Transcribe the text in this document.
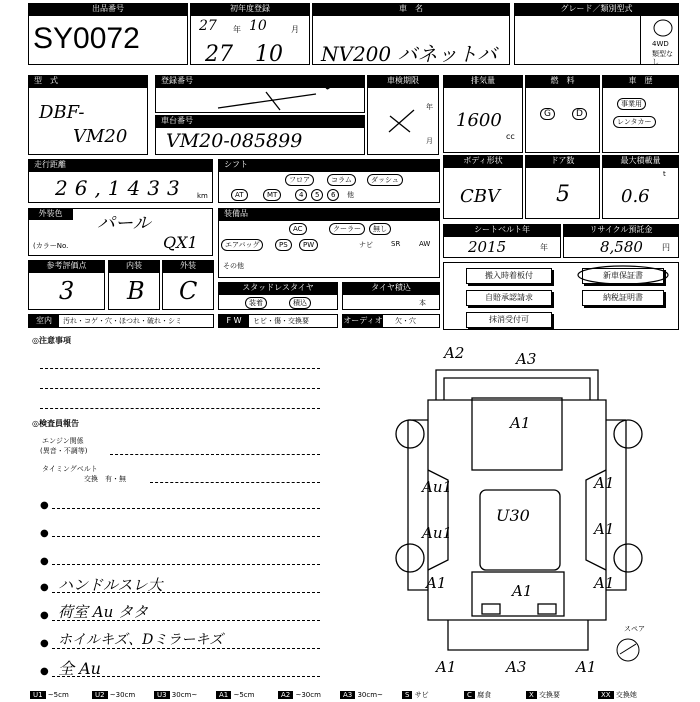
出品番号
SY0072
初年度登録
27 年 10	月
27 10
車　名
NV200 バネットバ
グレード／類別型式
4WD
類型なし
型　式
DBF-
VM20
登録番号
車台番号
VM20-085899
車検期限
年
月
排気量
1600
cc
燃　料
G	D
車　歴
事業用
レンタカー
走行距離
26,1433 km
シフト
フロア	コラム	ダッシュ
AT	MT	4	5	6	他
ボディ形状
CBV
ドア数
5
最大積載量
t
0.6
外装色	パール
(カラーNo.	QX1
装備品
AC	クーラー	無し
エアバッグ	PS	PW	ナビ	SR	AW
その他
シートベルト年
2015	年
リサイクル預託金
8,580 円
参考評価点
3
内装
B
外装
C	スタッドレスタイヤ
装着	積込
タイヤ積込
本
搬入時着板付	新車保証書
自賠承認請求	納税証明書
抹消受付可
室内	汚れ・コゲ・穴・ほつれ・破れ・シミ	F W	ヒビ・傷・交換要	オーディオ 欠・穴
◎注意事項
◎検査員報告
エンジン関係
(異音・不調等)
タイミングベルト
交換　有・無
●
●
●
● ハンドルスレ大
● 荷室 Au タタ
● ホイルキズ、Dミラーキズ
● 全 Au
スペア
A2	A3
A1
Au1
Au1
A1
A1
A1
A1
U30
A1
A1	A3	A1
U1 ~5cm	U2 ~30cm	U3 30cm~	A1 ~5cm	A2 ~30cm	A3 30cm~	S サビ	C 腐食	X 交換要	XX 交換她
